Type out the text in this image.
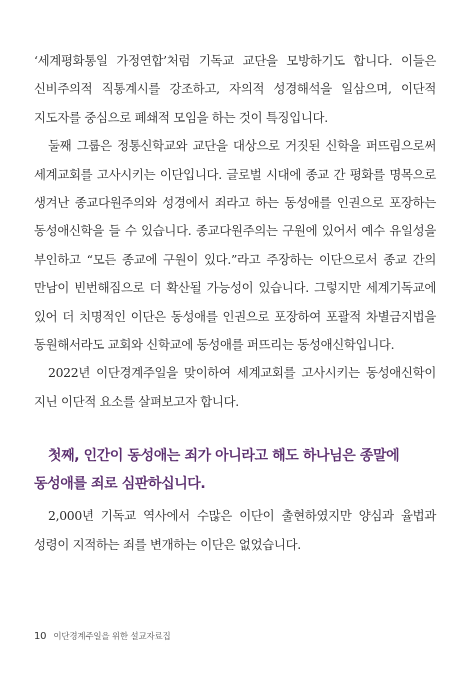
‘세계평화통일 가정연합’처럼 기독교 교단을 모방하기도 합니다. 이들은 신비주의적 직통계시를 강조하고, 자의적 성경해석을 일삼으며, 이단적 지도자를 중심으로 폐쇄적 모임을 하는 것이 특징입니다.

둘째 그룹은 정통신학교와 교단을 대상으로 거짓된 신학을 퍼뜨림으로써 세계교회를 고사시키는 이단입니다. 글로벌 시대에 종교 간 평화를 명목으로 생겨난 종교다원주의와 성경에서 죄라고 하는 동성애를 인권으로 포장하는 동성애신학을 들 수 있습니다. 종교다원주의는 구원에 있어서 예수 유일성을 부인하고 “모든 종교에 구원이 있다.”라고 주장하는 이단으로서 종교 간의 만남이 빈번해짐으로 더 확산될 가능성이 있습니다. 그렇지만 세계기독교에 있어 더 치명적인 이단은 동성애를 인권으로 포장하여 포괄적 차별금지법을 동원해서라도 교회와 신학교에 동성애를 퍼뜨리는 동성애신학입니다.

2022년 이단경계주일을 맞이하여 세계교회를 고사시키는 동성애신학이 지닌 이단적 요소를 살펴보고자 합니다.

첫째, 인간이 동성애는 죄가 아니라고 해도 하나님은 종말에 동성애를 죄로 심판하십니다.

2,000년 기독교 역사에서 수많은 이단이 출현하였지만 양심과 율법과 성령이 지적하는 죄를 변개하는 이단은 없었습니다.

10 이단경계주일을 위한 설교자료집
